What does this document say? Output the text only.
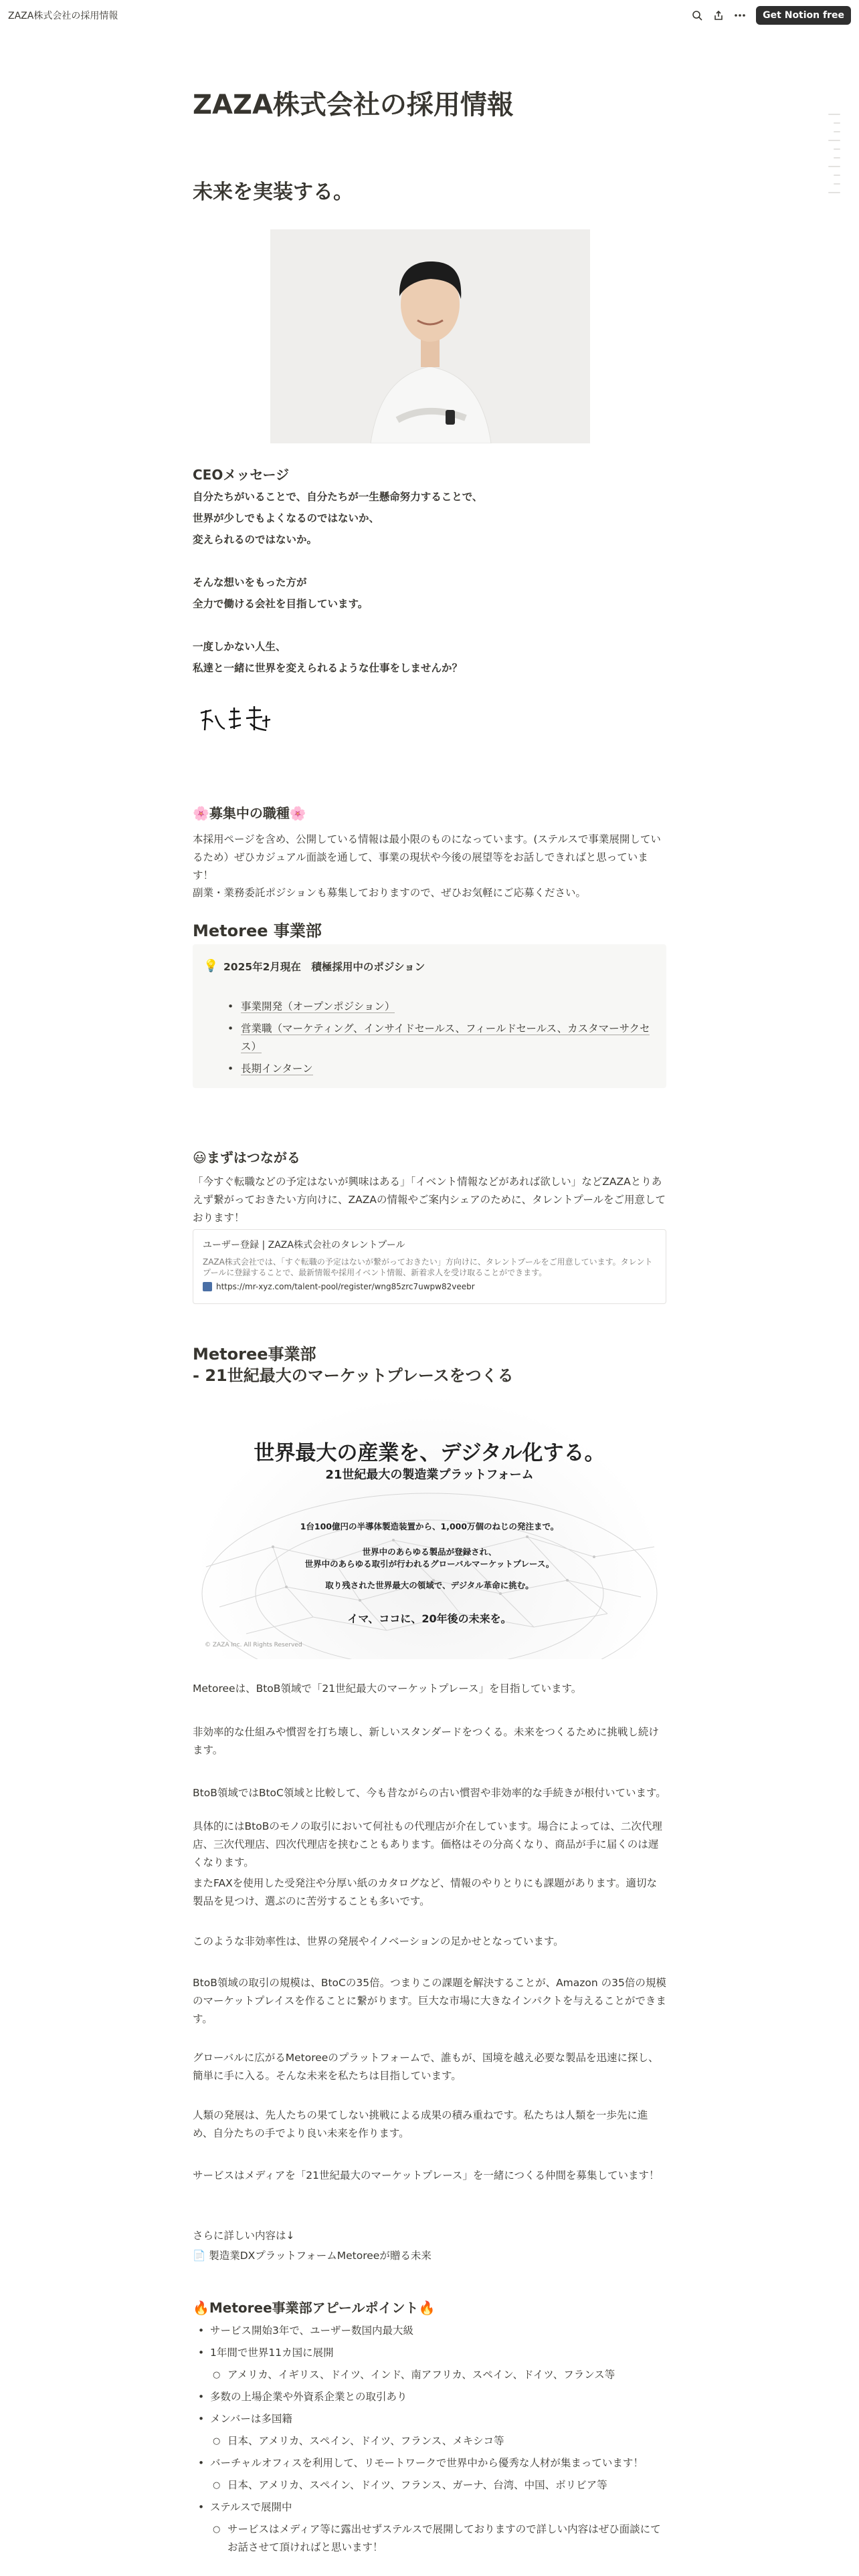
ZAZA株式会社の採用情報	Get Notion free
ZAZA株式会社の採用情報
未来を実装する。
CEOメッセージ
自分たちがいることで、自分たちが一生懸命努力することで、
世界が少しでもよくなるのではないか、
変えられるのではないか。
そんな想いをもった方が
全力で働ける会社を目指しています。
一度しかない人生、
私達と一緒に世界を変えられるような仕事をしませんか？
🌸募集中の職種🌸
本採用ページを含め、公開している情報は最小限のものになっています。(ステルスで事業展開しているため）ぜひカジュアル面談を通して、事業の現状や今後の展望等をお話しできればと思っています！
副業・業務委託ポジションも募集しておりますので、ぜひお気軽にご応募ください。
Metoree 事業部
💡 2025年2月現在　積極採用中のポジション
• 事業開発（オープンポジション）
• 営業職（マーケティング、インサイドセールス、フィールドセールス、カスタマーサクセス）
• 長期インターン
😃まずはつながる
「今すぐ転職などの予定はないが興味はある」「イベント情報などがあれば欲しい」などZAZAとりあえず繋がっておきたい方向けに、ZAZAの情報やご案内シェアのために、タレントプールをご用意しております！
ユーザー登録 | ZAZA株式会社のタレントプール
ZAZA株式会社では、「すぐ転職の予定はないが繋がっておきたい」方向けに、タレントプールをご用意しています。タレントプールに登録することで、最新情報や採用イベント情報、新着求人を受け取ることができます。
https://mr-xyz.com/talent-pool/register/wng85zrc7uwpw82veebr
Metoree事業部
- 21世紀最大のマーケットプレースをつくる
世界最大の産業を、デジタル化する。
21世紀最大の製造業プラットフォーム
1台100億円の半導体製造装置から、1,000万個のねじの発注まで。
世界中のあらゆる製品が登録され、
世界中のあらゆる取引が行われるグローバルマーケットプレース。
取り残された世界最大の領域で、デジタル革命に挑む。
イマ、ココに、20年後の未来を。
© ZAZA Inc. All Rights Reserved
Metoreeは、BtoB領域で「21世紀最大のマーケットプレース」を目指しています。
非効率的な仕組みや慣習を打ち壊し、新しいスタンダードをつくる。未来をつくるために挑戦し続けます。
BtoB領域ではBtoC領域と比較して、今も昔ながらの古い慣習や非効率的な手続きが根付いています。
具体的にはBtoBのモノの取引において何社もの代理店が介在しています。場合によっては、二次代理店、三次代理店、四次代理店を挟むこともあります。価格はその分高くなり、商品が手に届くのは遅くなります。
またFAXを使用した受発注や分厚い紙のカタログなど、情報のやりとりにも課題があります。適切な製品を見つけ、選ぶのに苦労することも多いです。
このような非効率性は、世界の発展やイノベーションの足かせとなっています。
BtoB領域の取引の規模は、BtoCの35倍。つまりこの課題を解決することが、Amazon の35倍の規模のマーケットプレイスを作ることに繋がります。巨大な市場に大きなインパクトを与えることができます。
グローバルに広がるMetoreeのプラットフォームで、誰もが、国境を越え必要な製品を迅速に探し、簡単に手に入る。そんな未来を私たちは目指しています。
人類の発展は、先人たちの果てしない挑戦による成果の積み重ねです。私たちは人類を一歩先に進め、自分たちの手でより良い未来を作ります。
サービスはメディアを「21世紀最大のマーケットプレース」を一緒につくる仲間を募集しています！
さらに詳しい内容は↓
📄 製造業DXプラットフォームMetoreeが贈る未来
🔥Metoree事業部アピールポイント🔥
• サービス開始3年で、ユーザー数国内最大級
• 1年間で世界11カ国に展開
○ アメリカ、イギリス、ドイツ、インド、南アフリカ、スペイン、ドイツ、フランス等
• 多数の上場企業や外資系企業との取引あり
• メンバーは多国籍
○ 日本、アメリカ、スペイン、ドイツ、フランス、メキシコ等
• バーチャルオフィスを利用して、リモートワークで世界中から優秀な人材が集まっています！
○ 日本、アメリカ、スペイン、ドイツ、フランス、ガーナ、台湾、中国、ボリビア等
• ステルスで展開中
○ サービスはメディア等に露出せずステルスで展開しておりますので詳しい内容はぜひ面談にてお話させて頂ければと思います！
